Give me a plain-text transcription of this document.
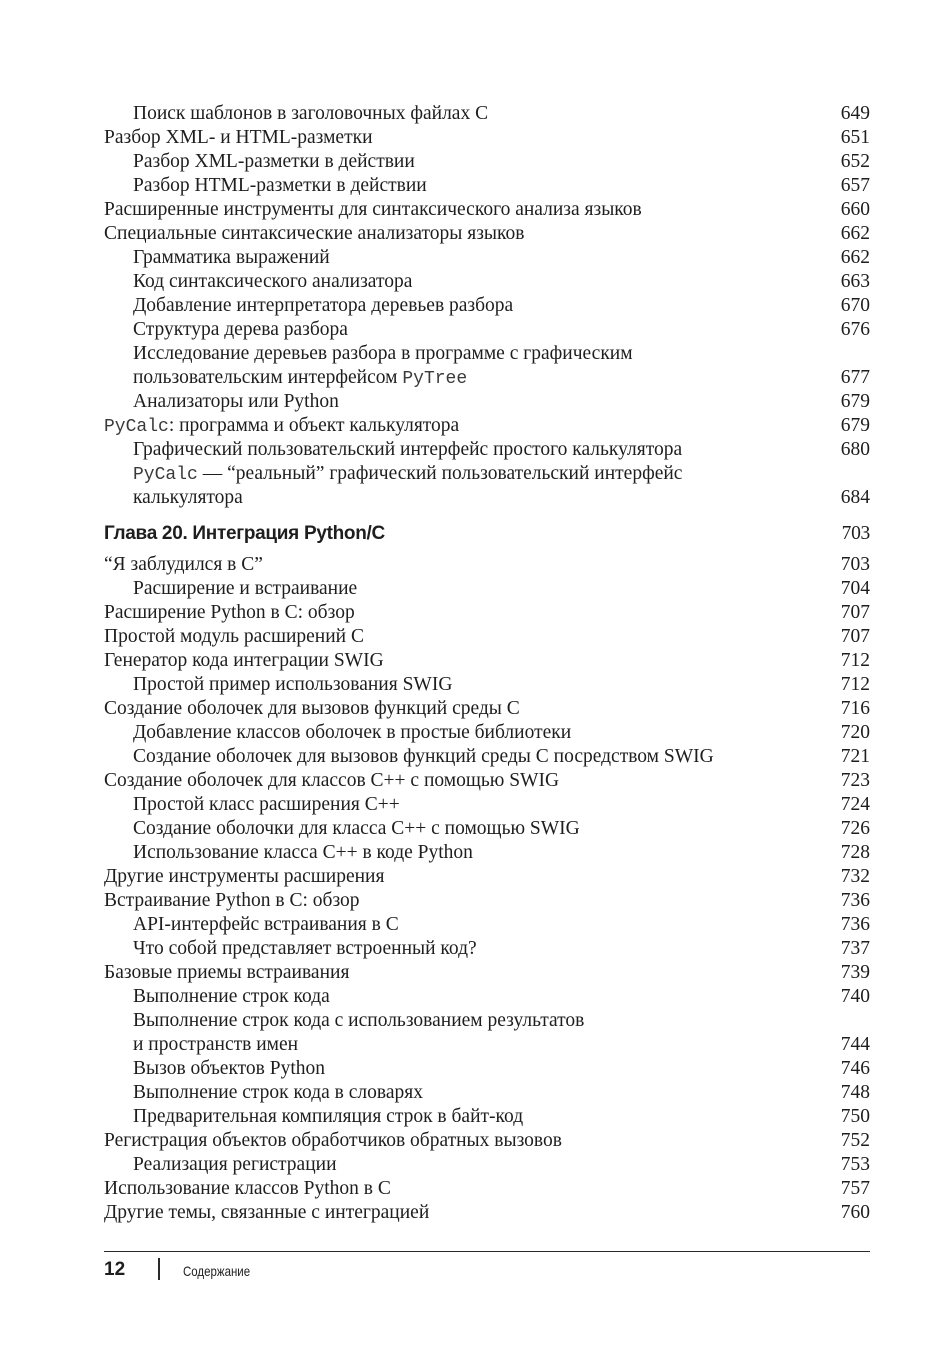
Поиск шаблонов в заголовочных файлах C	649
Разбор XML- и HTML-разметки	651
Разбор XML-разметки в действии	652
Разбор HTML-разметки в действии	657
Расширенные инструменты для синтаксического анализа языков	660
Специальные синтаксические анализаторы языков	662
Грамматика выражений	662
Код синтаксического анализатора	663
Добавление интерпретатора деревьев разбора	670
Структура дерева разбора	676
Исследование деревьев разбора в программе с графическим
пользовательским интерфейсом PyTree	677
Анализаторы или Python	679
PyCalc: программа и объект калькулятора	679
Графический пользовательский интерфейс простого калькулятора	680
PyCalc — “реальный” графический пользовательский интерфейс
калькулятора	684
Глава 20. Интеграция Python/C	703
“Я заблудился в C”	703
Расширение и встраивание	704
Расширение Python в C: обзор	707
Простой модуль расширений C	707
Генератор кода интеграции SWIG	712
Простой пример использования SWIG	712
Создание оболочек для вызовов функций среды C	716
Добавление классов оболочек в простые библиотеки	720
Создание оболочек для вызовов функций среды C посредством SWIG	721
Создание оболочек для классов C++ с помощью SWIG	723
Простой класс расширения C++	724
Создание оболочки для класса C++ с помощью SWIG	726
Использование класса C++ в коде Python	728
Другие инструменты расширения	732
Встраивание Python в C: обзор	736
API-интерфейс встраивания в C	736
Что собой представляет встроенный код?	737
Базовые приемы встраивания	739
Выполнение строк кода	740
Выполнение строк кода с использованием результатов
и пространств имен	744
Вызов объектов Python	746
Выполнение строк кода в словарях	748
Предварительная компиляция строк в байт-код	750
Регистрация объектов обработчиков обратных вызовов	752
Реализация регистрации	753
Использование классов Python в C	757
Другие темы, связанные с интеграцией	760
12	Содержание
